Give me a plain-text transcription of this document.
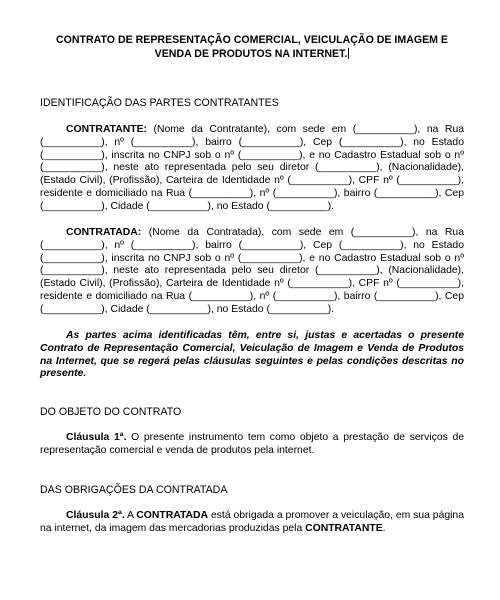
CONTRATO DE REPRESENTAÇÃO COMERCIAL, VEICULAÇÃO DE IMAGEM E
VENDA DE PRODUTOS NA INTERNET.
IDENTIFICAÇÃO DAS PARTES CONTRATANTES
CONTRATANTE: (Nome da Contratante), com sede em (__________), na Rua (__________), nº (__________), bairro (__________), Cep (__________), no Estado (__________), inscrita no CNPJ sob o nº (__________), e no Cadastro Estadual sob o nº (__________), neste ato representada pelo seu diretor (__________), (Nacionalidade), (Estado Civil), (Profissão), Carteira de Identidade nº (__________), CPF nº (__________), residente e domiciliado na Rua (__________), nº (__________), bairro (__________), Cep (__________), Cidade (__________), no Estado (__________).
CONTRATADA: (Nome da Contratada), com sede em (__________), na Rua (__________), nº (__________), bairro (__________), Cep (__________), no Estado (__________), inscrita no CNPJ sob o nº (__________), e no Cadastro Estadual sob o nº (__________), neste ato representada pelo seu diretor (__________), (Nacionalidade), (Estado Civil), (Profissão), Carteira de Identidade nº (__________), CPF nº (__________), residente e domiciliado na Rua (__________), nº (__________), bairro (__________), Cep (__________), Cidade (__________), no Estado (__________).
As partes acima identificadas têm, entre si, justas e acertadas o presente Contrato de Representação Comercial, Veiculação de Imagem e Venda de Produtos na Internet, que se regerá pelas cláusulas seguintes e pelas condições descritas no presente.
DO OBJETO DO CONTRATO
Cláusula 1ª. O presente instrumento tem como objeto a prestação de serviços de representação comercial e venda de produtos pela internet.
DAS OBRIGAÇÕES DA CONTRATADA
Cláusula 2ª. A CONTRATADA está obrigada a promover a veiculação, em sua página na internet, da imagem das mercadorias produzidas pela CONTRATANTE.
